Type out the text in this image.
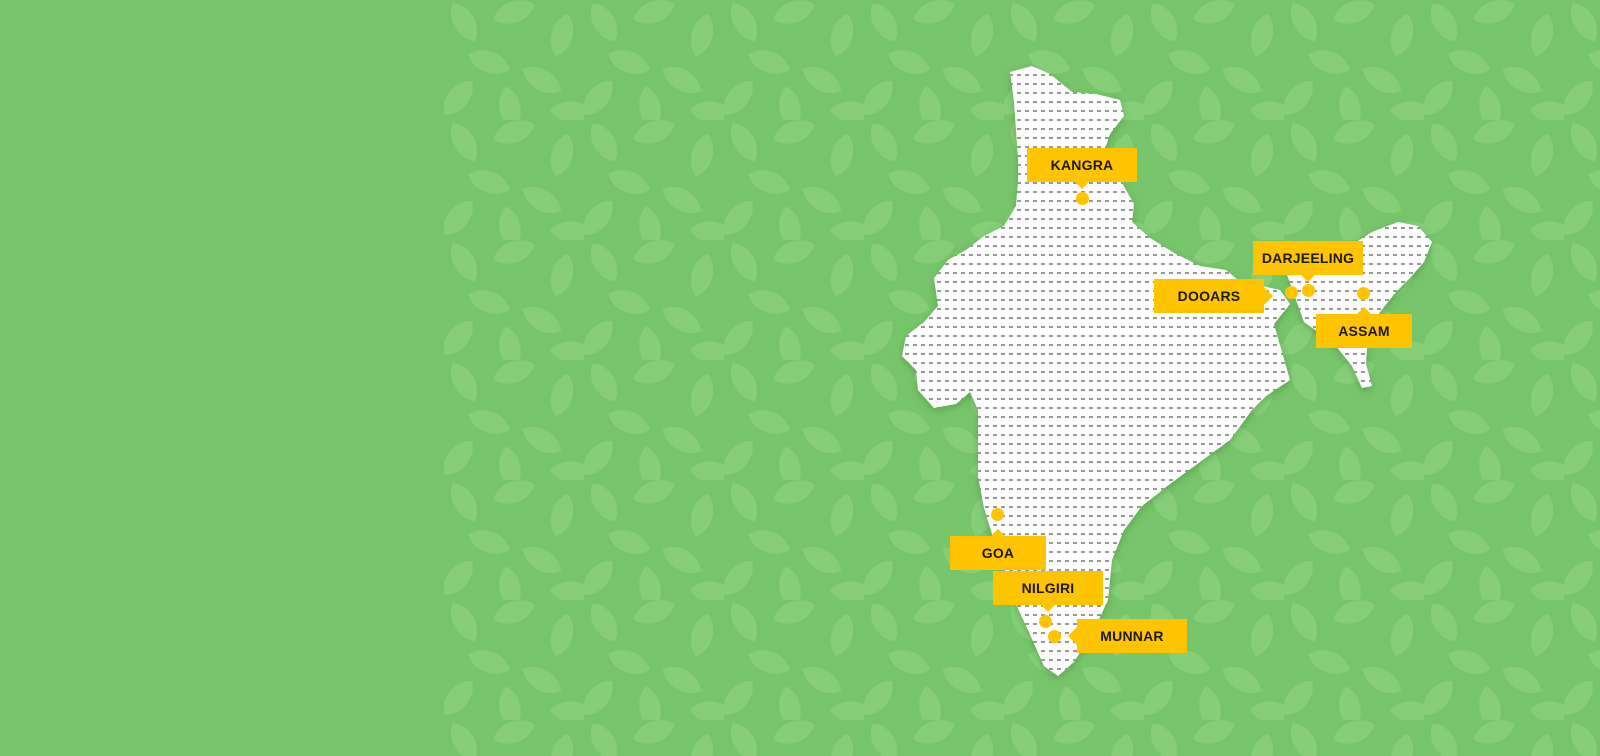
KANGRA
DARJEELING
DOOARS
ASSAM
GOA
NILGIRI
MUNNAR
